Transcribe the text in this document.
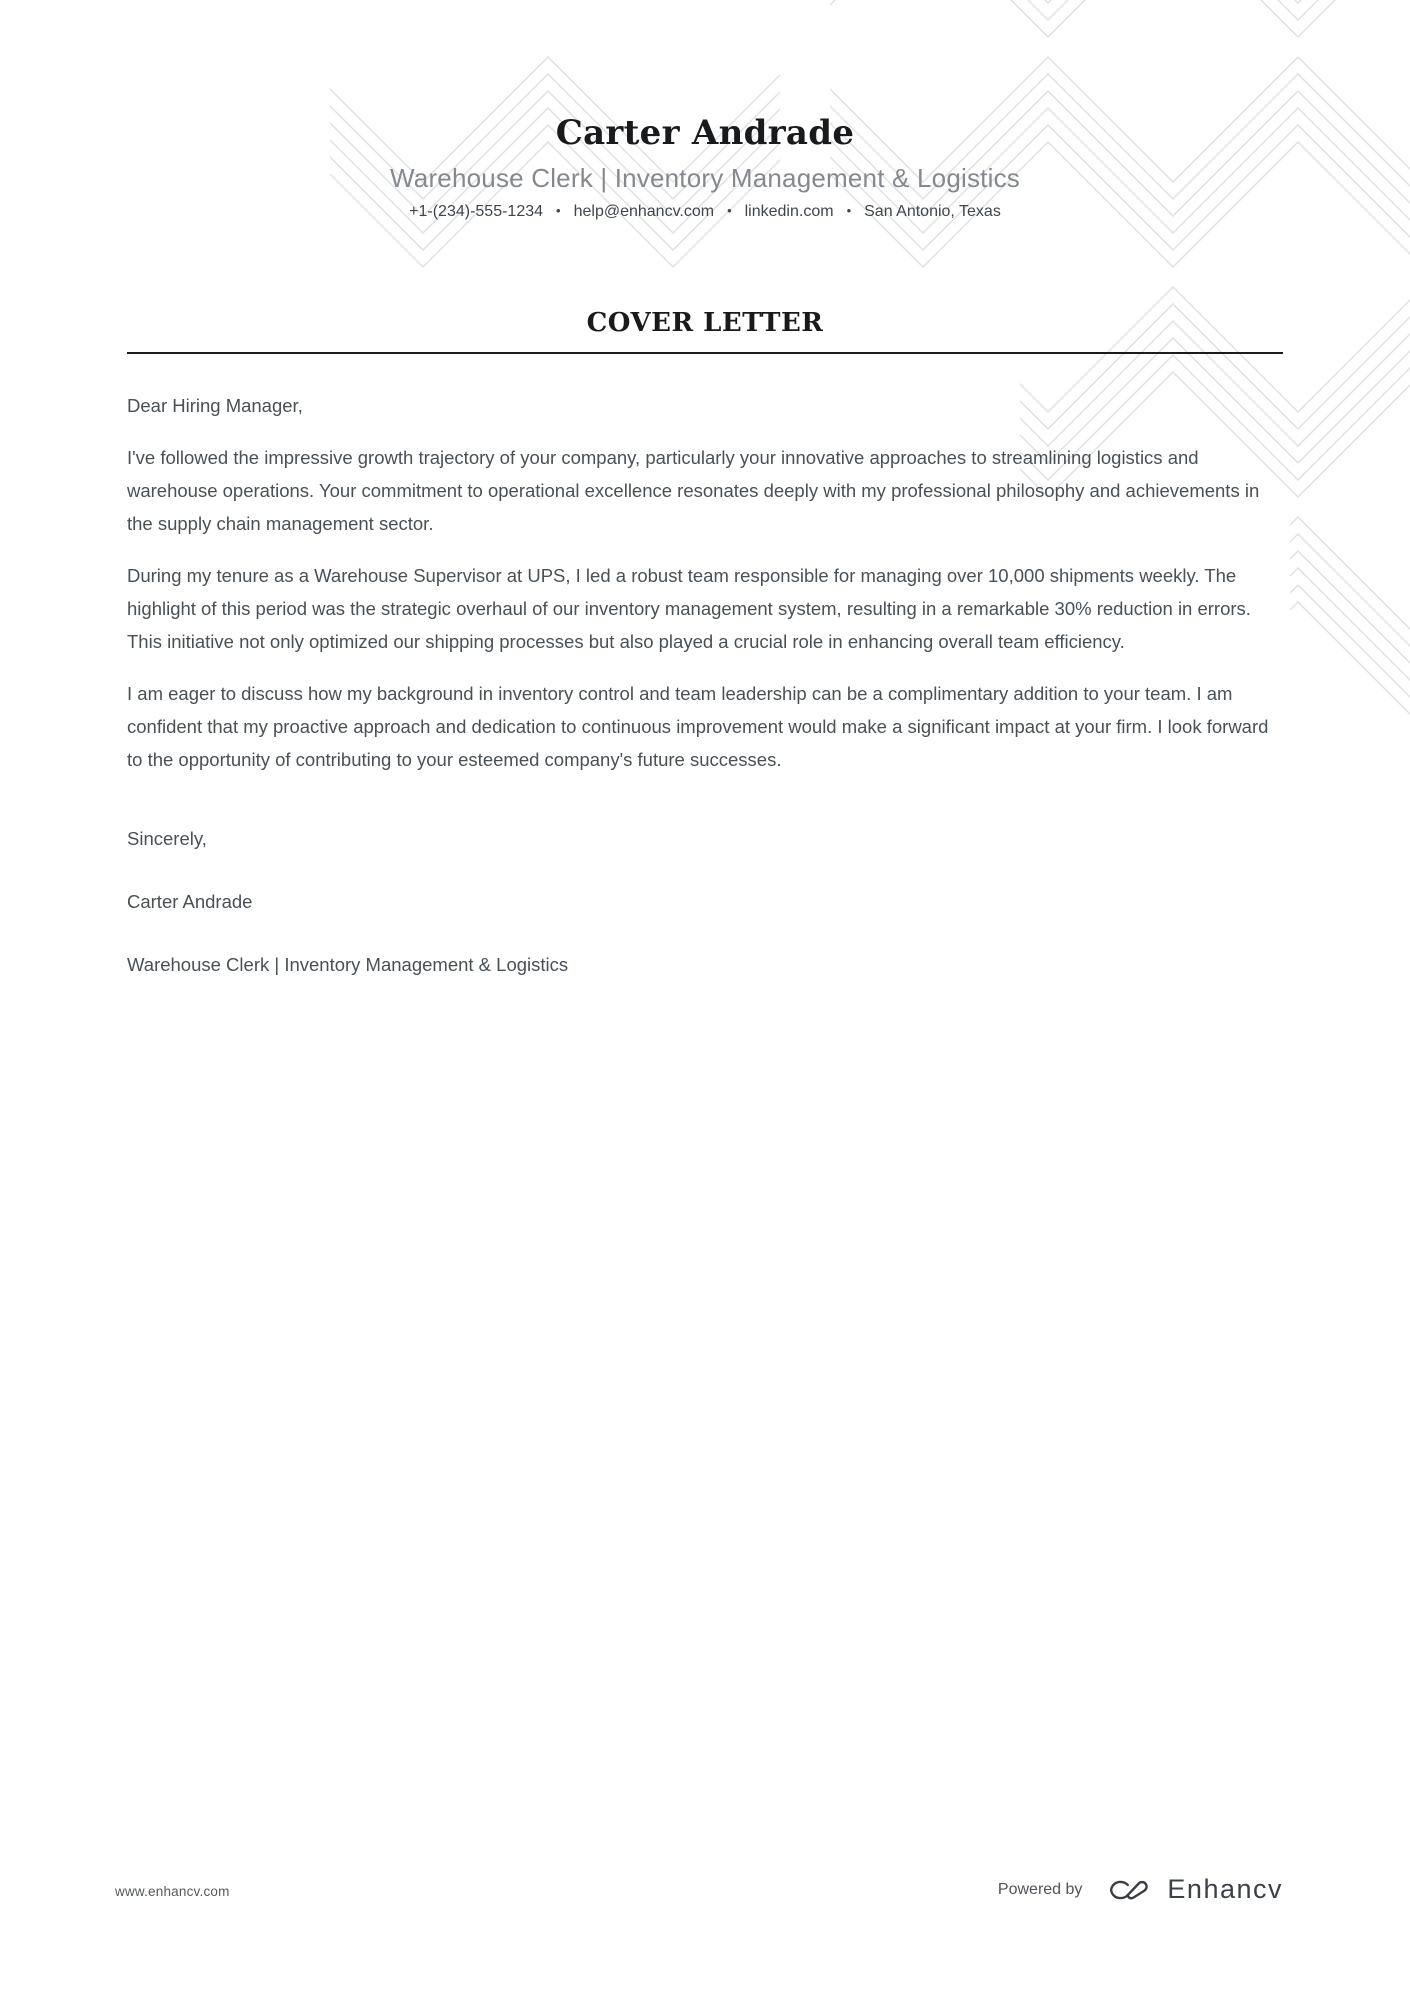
Carter Andrade
Warehouse Clerk | Inventory Management & Logistics
+1-(234)-555-1234 • help@enhancv.com • linkedin.com • San Antonio, Texas
COVER LETTER

Dear Hiring Manager,

I've followed the impressive growth trajectory of your company, particularly your innovative approaches to streamlining logistics and warehouse operations. Your commitment to operational excellence resonates deeply with my professional philosophy and achievements in the supply chain management sector.

During my tenure as a Warehouse Supervisor at UPS, I led a robust team responsible for managing over 10,000 shipments weekly. The highlight of this period was the strategic overhaul of our inventory management system, resulting in a remarkable 30% reduction in errors. This initiative not only optimized our shipping processes but also played a crucial role in enhancing overall team efficiency.

I am eager to discuss how my background in inventory control and team leadership can be a complimentary addition to your team. I am confident that my proactive approach and dedication to continuous improvement would make a significant impact at your firm. I look forward to the opportunity of contributing to your esteemed company's future successes.

Sincerely,

Carter Andrade

Warehouse Clerk | Inventory Management & Logistics

www.enhancv.com	Powered by	Enhancv
